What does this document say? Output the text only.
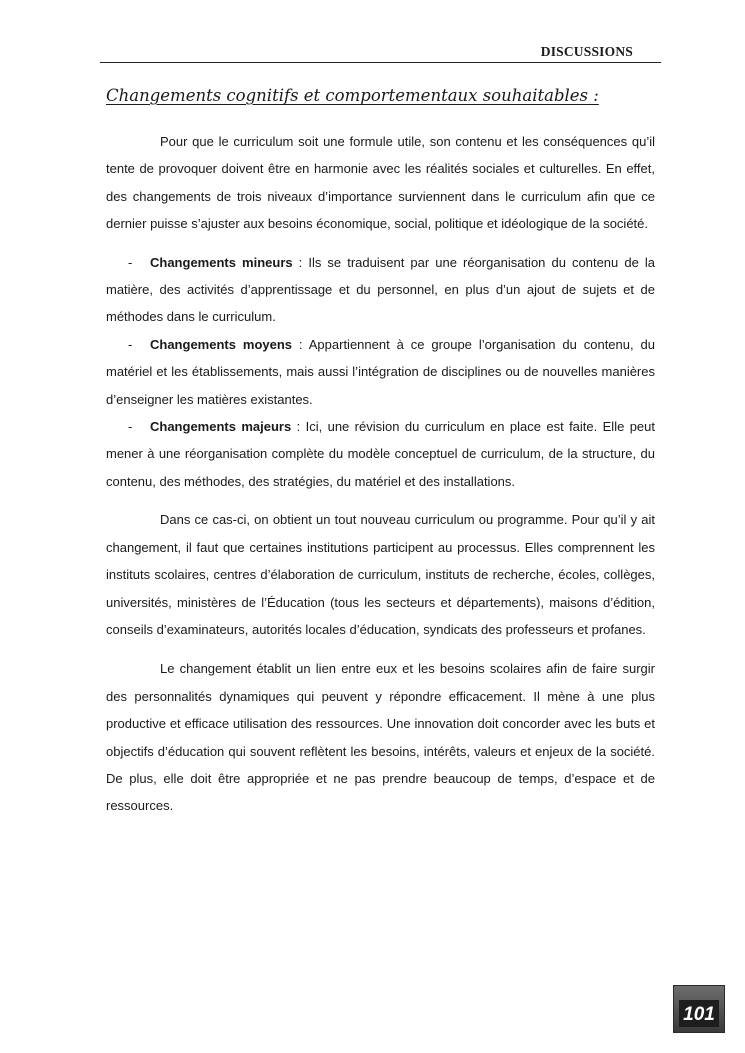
DISCUSSIONS
Changements cognitifs et comportementaux souhaitables :

Pour que le curriculum soit une formule utile, son contenu et les conséquences qu’il tente de provoquer doivent être en harmonie avec les réalités sociales et culturelles. En effet, des changements de trois niveaux d’importance surviennent dans le curriculum afin que ce dernier puisse s’ajuster aux besoins économique, social, politique et idéologique de la société.

- Changements mineurs : Ils se traduisent par une réorganisation du contenu de la matière, des activités d’apprentissage et du personnel, en plus d’un ajout de sujets et de méthodes dans le curriculum.
- Changements moyens : Appartiennent à ce groupe l’organisation du contenu, du matériel et les établissements, mais aussi l’intégration de disciplines ou de nouvelles manières d’enseigner les matières existantes.
- Changements majeurs : Ici, une révision du curriculum en place est faite. Elle peut mener à une réorganisation complète du modèle conceptuel de curriculum, de la structure, du contenu, des méthodes, des stratégies, du matériel et des installations.

Dans ce cas-ci, on obtient un tout nouveau curriculum ou programme. Pour qu’il y ait changement, il faut que certaines institutions participent au processus. Elles comprennent les instituts scolaires, centres d’élaboration de curriculum, instituts de recherche, écoles, collèges, universités, ministères de l’Éducation (tous les secteurs et départements), maisons d’édition, conseils d’examinateurs, autorités locales d’éducation, syndicats des professeurs et profanes.

Le changement établit un lien entre eux et les besoins scolaires afin de faire surgir des personnalités dynamiques qui peuvent y répondre efficacement. Il mène à une plus productive et efficace utilisation des ressources. Une innovation doit concorder avec les buts et objectifs d’éducation qui souvent reflètent les besoins, intérêts, valeurs et enjeux de la société. De plus, elle doit être appropriée et ne pas prendre beaucoup de temps, d’espace et de ressources.

101
